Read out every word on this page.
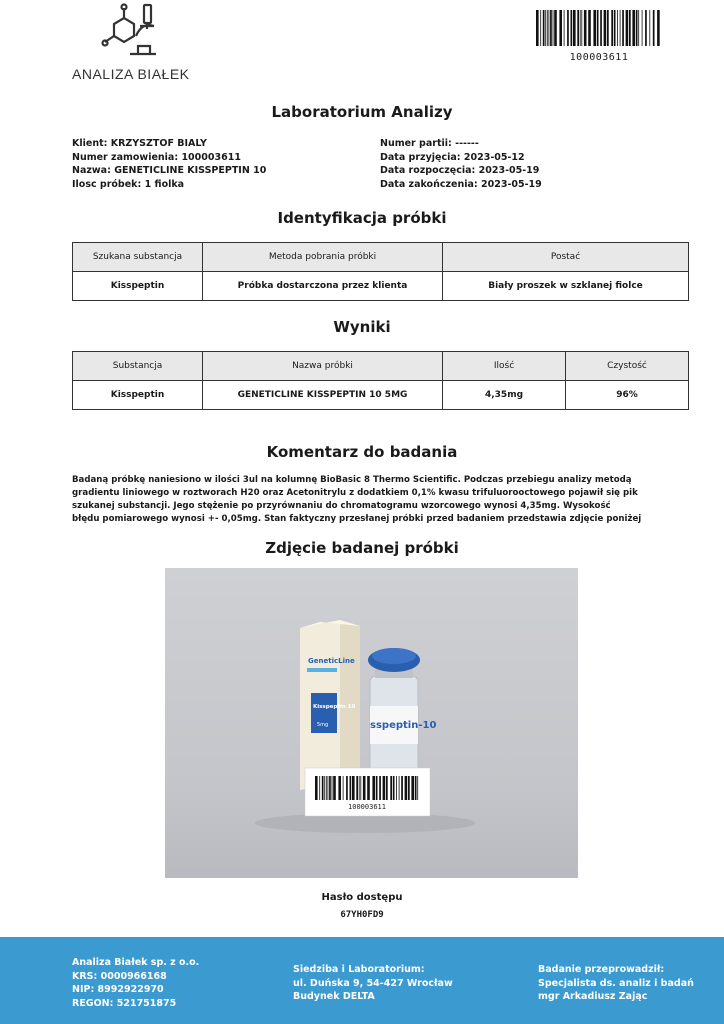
ANALIZA BIAŁEK
100003611
Laboratorium Analizy
Klient: KRZYSZTOF BIALY
Numer zamowienia: 100003611
Nazwa: GENETICLINE KISSPEPTIN 10
Ilosc próbek: 1 fiolka
Numer partii: ------
Data przyjęcia: 2023-05-12
Data rozpoczęcia: 2023-05-19
Data zakończenia: 2023-05-19
Identyfikacja próbki
Szukana substancja	Metoda pobrania próbki	Postać
Kisspeptin	Próbka dostarczona przez klienta	Biały proszek w szklanej fiolce
Wyniki
Substancja	Nazwa próbki	Ilość	Czystość
Kisspeptin	GENETICLINE KISSPEPTIN 10 5MG	4,35mg	96%
Komentarz do badania
Badaną próbkę naniesiono w ilości 3ul na kolumnę BioBasic 8 Thermo Scientific. Podczas przebiegu analizy metodą
gradientu liniowego w roztworach H20 oraz Acetonitrylu z dodatkiem 0,1% kwasu trifuluorooctowego pojawił się pik
szukanej substancji. Jego stężenie po przyrównaniu do chromatogramu wzorcowego wynosi 4,35mg. Wysokość
błędu pomiarowego wynosi +- 0,05mg. Stan faktyczny przesłanej próbki przed badaniem przedstawia zdjęcie poniżej
Zdjęcie badanej próbki
GeneticLine
Kisspeptin 10
5mg	sspeptin-10
100003611
Hasło dostępu
67YH0FD9
Analiza Białek sp. z o.o.
KRS: 0000966168
NIP: 8992922970
REGON: 521751875
Siedziba i Laboratorium:
ul. Duńska 9, 54-427 Wrocław
Budynek DELTA
Badanie przeprowadził:
Specjalista ds. analiz i badań
mgr Arkadiusz Zając
